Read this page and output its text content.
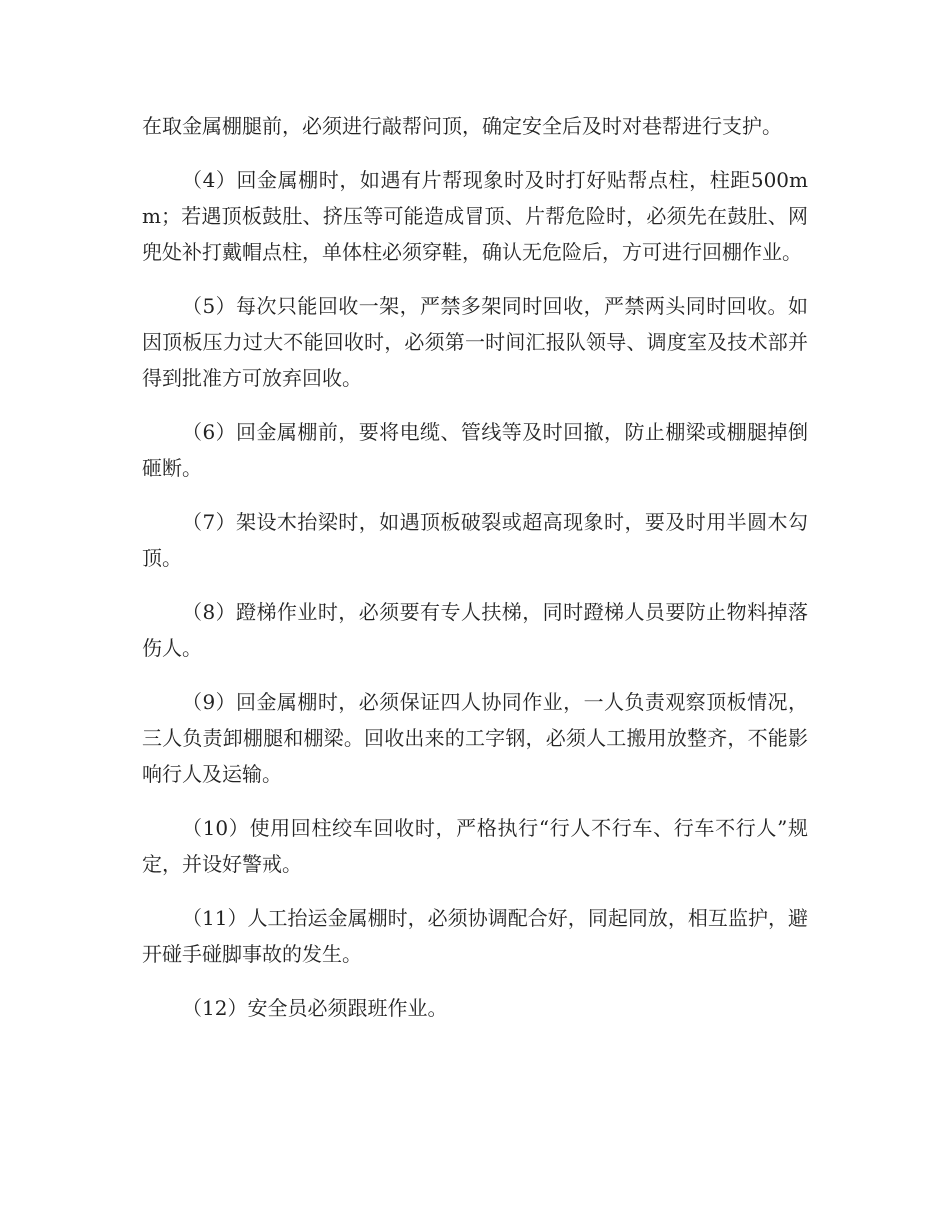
在取金属棚腿前，必须进行敲帮问顶，确定安全后及时对巷帮进行支护。

（4）回金属棚时，如遇有片帮现象时及时打好贴帮点柱，柱距500mm；若遇顶板鼓肚、挤压等可能造成冒顶、片帮危险时，必须先在鼓肚、网兜处补打戴帽点柱，单体柱必须穿鞋，确认无危险后，方可进行回棚作业。

（5）每次只能回收一架，严禁多架同时回收，严禁两头同时回收。如因顶板压力过大不能回收时，必须第一时间汇报队领导、调度室及技术部并得到批准方可放弃回收。

（6）回金属棚前，要将电缆、管线等及时回撤，防止棚梁或棚腿掉倒砸断。

（7）架设木抬梁时，如遇顶板破裂或超高现象时，要及时用半圆木勾顶。

（8）蹬梯作业时，必须要有专人扶梯，同时蹬梯人员要防止物料掉落伤人。

（9）回金属棚时，必须保证四人协同作业，一人负责观察顶板情况，三人负责卸棚腿和棚梁。回收出来的工字钢，必须人工搬用放整齐，不能影响行人及运输。

（10）使用回柱绞车回收时，严格执行“行人不行车、行车不行人”规定，并设好警戒。

（11）人工抬运金属棚时，必须协调配合好，同起同放，相互监护，避开碰手碰脚事故的发生。

（12）安全员必须跟班作业。
